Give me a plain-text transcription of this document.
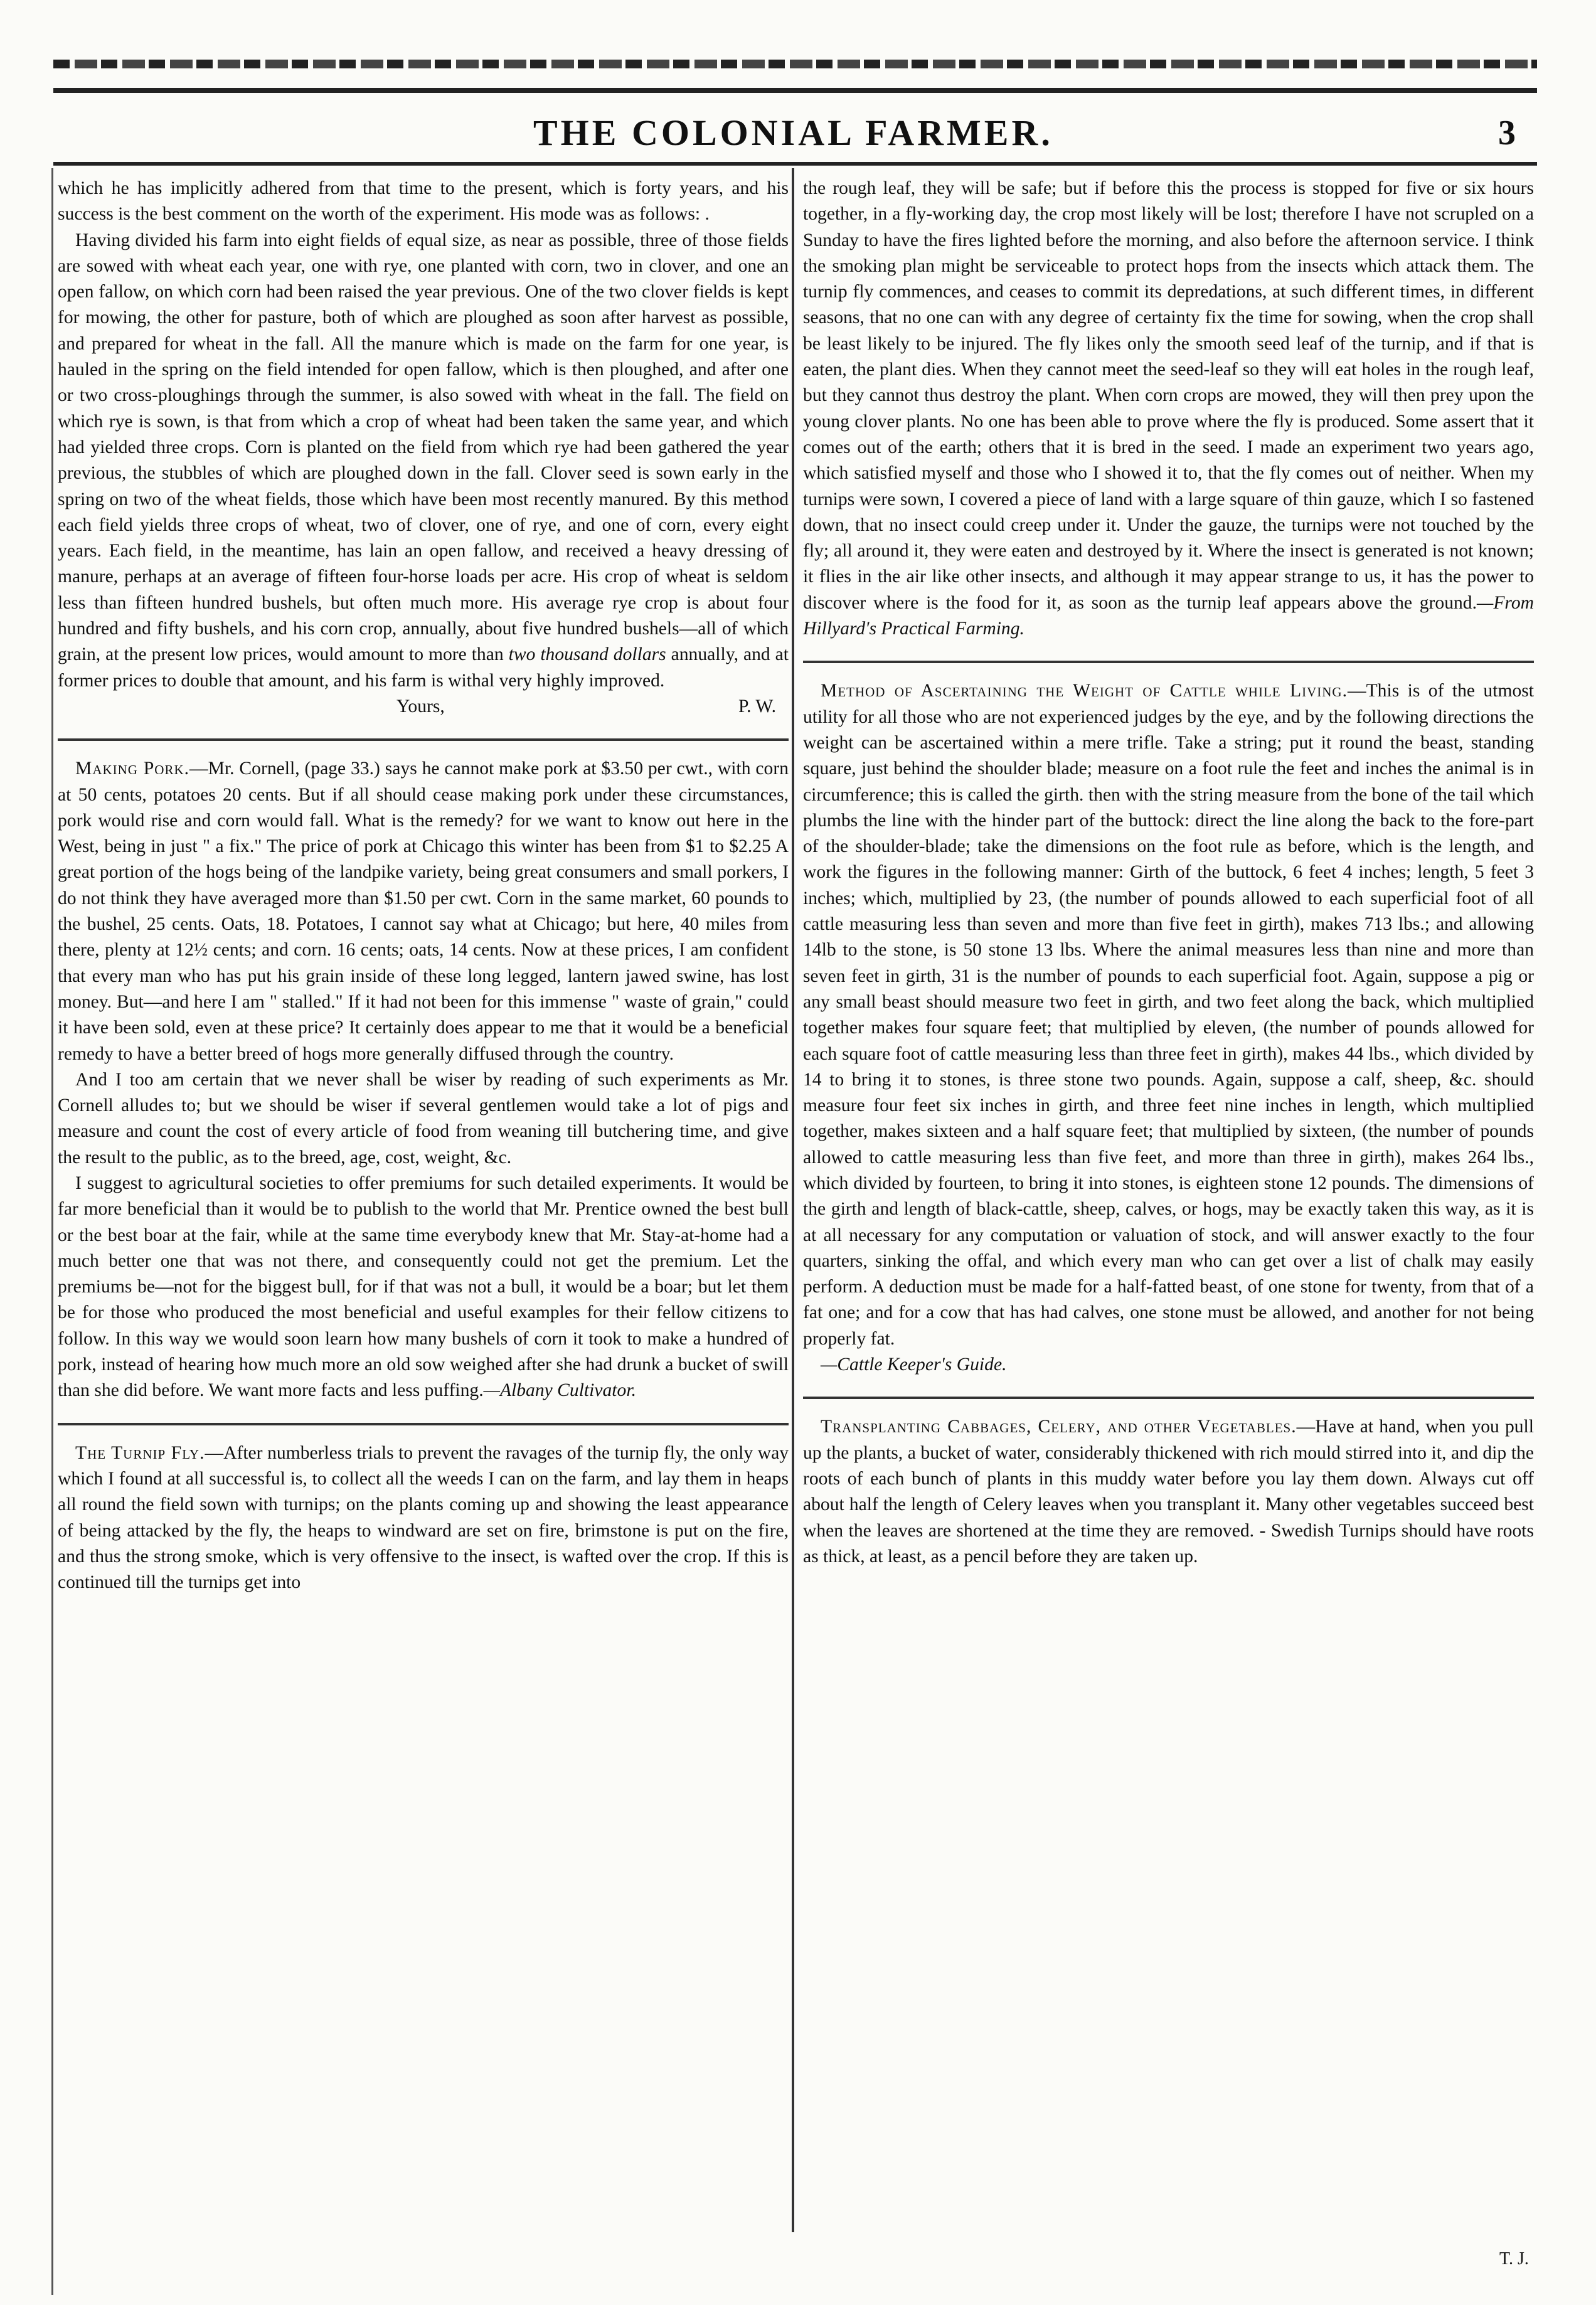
THE COLONIAL FARMER.	3

which he has implicitly adhered from that time to the present, which is forty years, and his success is the best comment on the worth of the experiment. His mode was as follows: .

Having divided his farm into eight fields of equal size, as near as possible, three of those fields are sowed with wheat each year, one with rye, one planted with corn, two in clover, and one an open fallow, on which corn had been raised the year previous. One of the two clover fields is kept for mowing, the other for pasture, both of which are ploughed as soon after harvest as possible, and prepared for wheat in the fall. All the manure which is made on the farm for one year, is hauled in the spring on the field intended for open fallow, which is then ploughed, and after one or two cross-ploughings through the summer, is also sowed with wheat in the fall. The field on which rye is sown, is that from which a crop of wheat had been taken the same year, and which had yielded three crops. Corn is planted on the field from which rye had been gathered the year previous, the stubbles of which are ploughed down in the fall. Clover seed is sown early in the spring on two of the wheat fields, those which have been most recently manured. By this method each field yields three crops of wheat, two of clover, one of rye, and one of corn, every eight years. Each field, in the meantime, has lain an open fallow, and received a heavy dressing of manure, perhaps at an average of fifteen four-horse loads per acre. His crop of wheat is seldom less than fifteen hundred bushels, but often much more. His average rye crop is about four hundred and fifty bushels, and his corn crop, annually, about five hundred bushels—all of which grain, at the present low prices, would amount to more than two thousand dollars annually, and at former prices to double that amount, and his farm is withal very highly improved.

Yours,	P. W.

Making Pork.—Mr. Cornell, (page 33.) says he cannot make pork at $3.50 per cwt., with corn at 50 cents, potatoes 20 cents. But if all should cease making pork under these circumstances, pork would rise and corn would fall. What is the remedy? for we want to know out here in the West, being in just " a fix." The price of pork at Chicago this winter has been from $1 to $2.25 A great portion of the hogs being of the landpike variety, being great consumers and small porkers, I do not think they have averaged more than $1.50 per cwt. Corn in the same market, 60 pounds to the bushel, 25 cents. Oats, 18. Potatoes, I cannot say what at Chicago; but here, 40 miles from there, plenty at 12½ cents; and corn. 16 cents; oats, 14 cents. Now at these prices, I am confident that every man who has put his grain inside of these long legged, lantern jawed swine, has lost money. But—and here I am " stalled." If it had not been for this immense " waste of grain," could it have been sold, even at these price? It certainly does appear to me that it would be a beneficial remedy to have a better breed of hogs more generally diffused through the country.

And I too am certain that we never shall be wiser by reading of such experiments as Mr. Cornell alludes to; but we should be wiser if several gentlemen would take a lot of pigs and measure and count the cost of every article of food from weaning till butchering time, and give the result to the public, as to the breed, age, cost, weight, &c.

I suggest to agricultural societies to offer premiums for such detailed experiments. It would be far more beneficial than it would be to publish to the world that Mr. Prentice owned the best bull or the best boar at the fair, while at the same time everybody knew that Mr. Stay-at-home had a much better one that was not there, and consequently could not get the premium. Let the premiums be—not for the biggest bull, for if that was not a bull, it would be a boar; but let them be for those who produced the most beneficial and useful examples for their fellow citizens to follow. In this way we would soon learn how many bushels of corn it took to make a hundred of pork, instead of hearing how much more an old sow weighed after she had drunk a bucket of swill than she did before. We want more facts and less puffing.—Albany Cultivator.

The Turnip Fly.—After numberless trials to prevent the ravages of the turnip fly, the only way which I found at all successful is, to collect all the weeds I can on the farm, and lay them in heaps all round the field sown with turnips; on the plants coming up and showing the least appearance of being attacked by the fly, the heaps to windward are set on fire, brimstone is put on the fire, and thus the strong smoke, which is very offensive to the insect, is wafted over the crop. If this is continued till the turnips get into

the rough leaf, they will be safe; but if before this the process is stopped for five or six hours together, in a fly-working day, the crop most likely will be lost; therefore I have not scrupled on a Sunday to have the fires lighted before the morning, and also before the afternoon service. I think the smoking plan might be serviceable to protect hops from the insects which attack them. The turnip fly commences, and ceases to commit its depredations, at such different times, in different seasons, that no one can with any degree of certainty fix the time for sowing, when the crop shall be least likely to be injured. The fly likes only the smooth seed leaf of the turnip, and if that is eaten, the plant dies. When they cannot meet the seed-leaf so they will eat holes in the rough leaf, but they cannot thus destroy the plant. When corn crops are mowed, they will then prey upon the young clover plants. No one has been able to prove where the fly is produced. Some assert that it comes out of the earth; others that it is bred in the seed. I made an experiment two years ago, which satisfied myself and those who I showed it to, that the fly comes out of neither. When my turnips were sown, I covered a piece of land with a large square of thin gauze, which I so fastened down, that no insect could creep under it. Under the gauze, the turnips were not touched by the fly; all around it, they were eaten and destroyed by it. Where the insect is generated is not known; it flies in the air like other insects, and although it may appear strange to us, it has the power to discover where is the food for it, as soon as the turnip leaf appears above the ground.—From Hillyard's Practical Farming.

Method of Ascertaining the Weight of Cattle while Living.—This is of the utmost utility for all those who are not experienced judges by the eye, and by the following directions the weight can be ascertained within a mere trifle. Take a string; put it round the beast, standing square, just behind the shoulder blade; measure on a foot rule the feet and inches the animal is in circumference; this is called the girth. then with the string measure from the bone of the tail which plumbs the line with the hinder part of the buttock: direct the line along the back to the fore-part of the shoulder-blade; take the dimensions on the foot rule as before, which is the length, and work the figures in the following manner: Girth of the buttock, 6 feet 4 inches; length, 5 feet 3 inches; which, multiplied by 23, (the number of pounds allowed to each superficial foot of all cattle measuring less than seven and more than five feet in girth), makes 713 lbs.; and allowing 14lb to the stone, is 50 stone 13 lbs. Where the animal measures less than nine and more than seven feet in girth, 31 is the number of pounds to each superficial foot. Again, suppose a pig or any small beast should measure two feet in girth, and two feet along the back, which multiplied together makes four square feet; that multiplied by eleven, (the number of pounds allowed for each square foot of cattle measuring less than three feet in girth), makes 44 lbs., which divided by 14 to bring it to stones, is three stone two pounds. Again, suppose a calf, sheep, &c. should measure four feet six inches in girth, and three feet nine inches in length, which multiplied together, makes sixteen and a half square feet; that multiplied by sixteen, (the number of pounds allowed to cattle measuring less than five feet, and more than three in girth), makes 264 lbs., which divided by fourteen, to bring it into stones, is eighteen stone 12 pounds. The dimensions of the girth and length of black-cattle, sheep, calves, or hogs, may be exactly taken this way, as it is at all necessary for any computation or valuation of stock, and will answer exactly to the four quarters, sinking the offal, and which every man who can get over a list of chalk may easily perform. A deduction must be made for a half-fatted beast, of one stone for twenty, from that of a fat one; and for a cow that has had calves, one stone must be allowed, and another for not being properly fat.

—Cattle Keeper's Guide.

Transplanting Cabbages, Celery, and other Vegetables.—Have at hand, when you pull up the plants, a bucket of water, considerably thickened with rich mould stirred into it, and dip the roots of each bunch of plants in this muddy water before you lay them down. Always cut off about half the length of Celery leaves when you transplant it. Many other vegetables succeed best when the leaves are shortened at the time they are removed. - Swedish Turnips should have roots as thick, at least, as a pencil before they are taken up.

T. J.
